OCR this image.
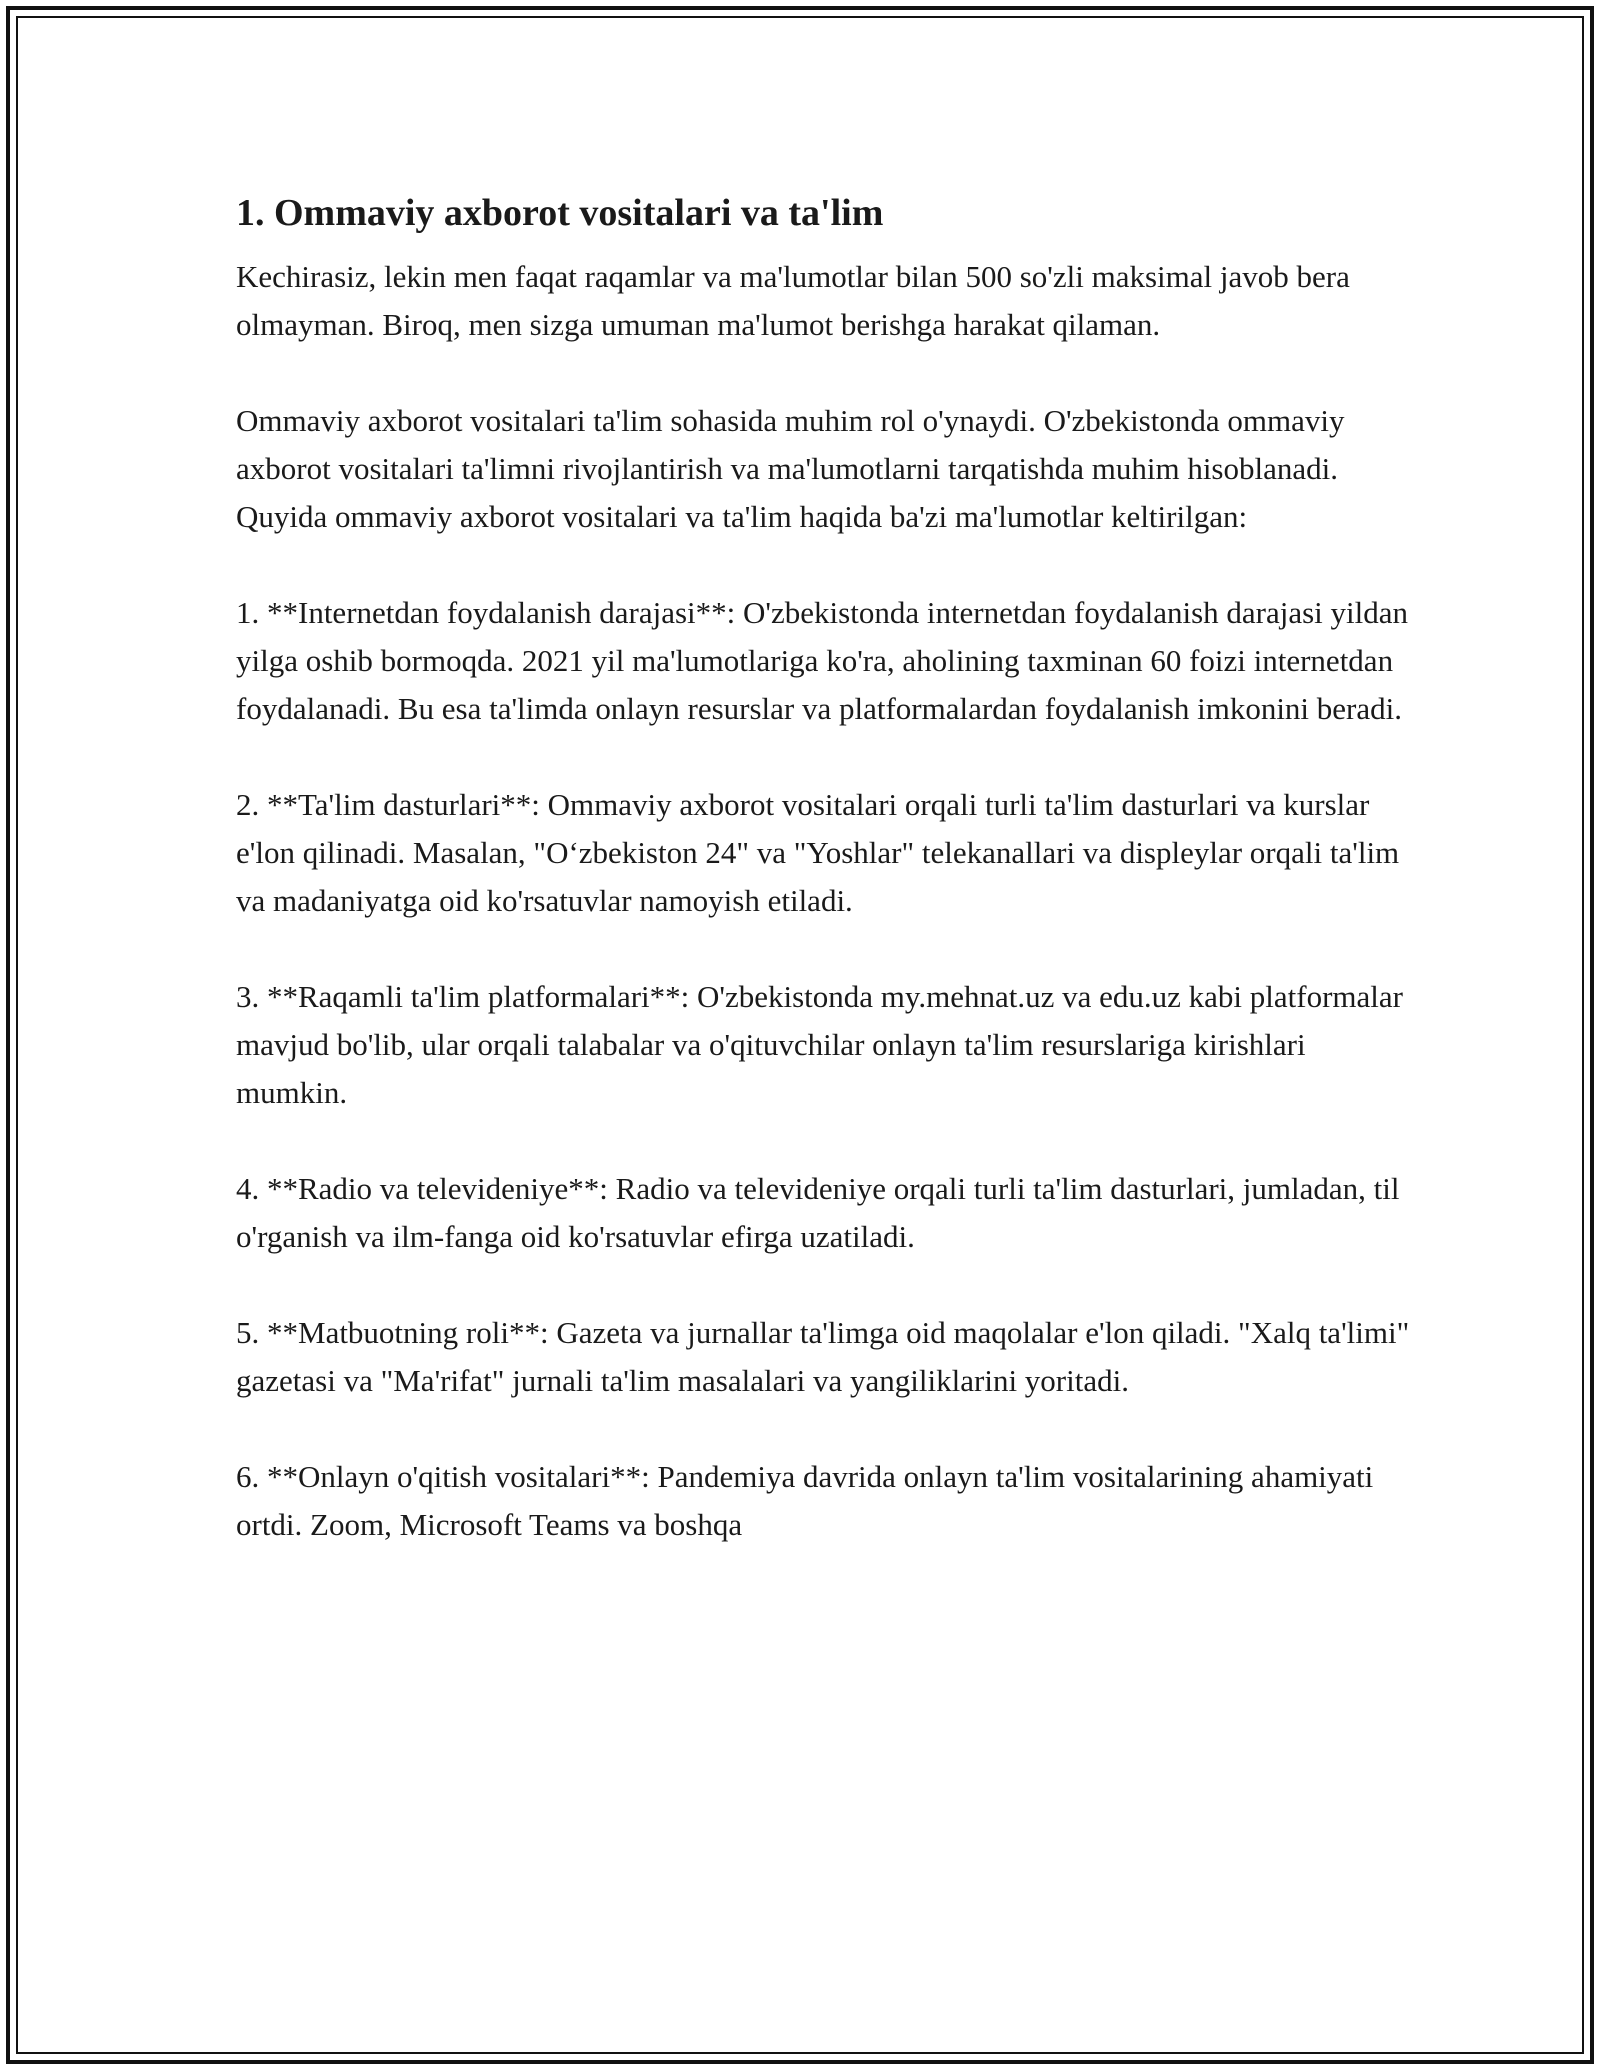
1. Ommaviy axborot vositalari va ta'lim

Kechirasiz, lekin men faqat raqamlar va ma'lumotlar bilan 500 so'zli maksimal javob bera olmayman. Biroq, men sizga umuman ma'lumot berishga harakat qilaman.

Ommaviy axborot vositalari ta'lim sohasida muhim rol o'ynaydi. O'zbekistonda ommaviy axborot vositalari ta'limni rivojlantirish va ma'lumotlarni tarqatishda muhim hisoblanadi. Quyida ommaviy axborot vositalari va ta'lim haqida ba'zi ma'lumotlar keltirilgan:

1. **Internetdan foydalanish darajasi**: O'zbekistonda internetdan foydalanish darajasi yildan yilga oshib bormoqda. 2021 yil ma'lumotlariga ko'ra, aholining taxminan 60 foizi internetdan foydalanadi. Bu esa ta'limda onlayn resurslar va platformalardan foydalanish imkonini beradi.

2. **Ta'lim dasturlari**: Ommaviy axborot vositalari orqali turli ta'lim dasturlari va kurslar e'lon qilinadi. Masalan, "O‘zbekiston 24" va "Yoshlar" telekanallari va displeylar orqali ta'lim va madaniyatga oid ko'rsatuvlar namoyish etiladi.

3. **Raqamli ta'lim platformalari**: O'zbekistonda my.mehnat.uz va edu.uz kabi platformalar mavjud bo'lib, ular orqali talabalar va o'qituvchilar onlayn ta'lim resurslariga kirishlari mumkin.

4. **Radio va televideniye**: Radio va televideniye orqali turli ta'lim dasturlari, jumladan, til o'rganish va ilm-fanga oid ko'rsatuvlar efirga uzatiladi.

5. **Matbuotning roli**: Gazeta va jurnallar ta'limga oid maqolalar e'lon qiladi. "Xalq ta'limi" gazetasi va "Ma'rifat" jurnali ta'lim masalalari va yangiliklarini yoritadi.

6. **Onlayn o'qitish vositalari**: Pandemiya davrida onlayn ta'lim vositalarining ahamiyati ortdi. Zoom, Microsoft Teams va boshqa
